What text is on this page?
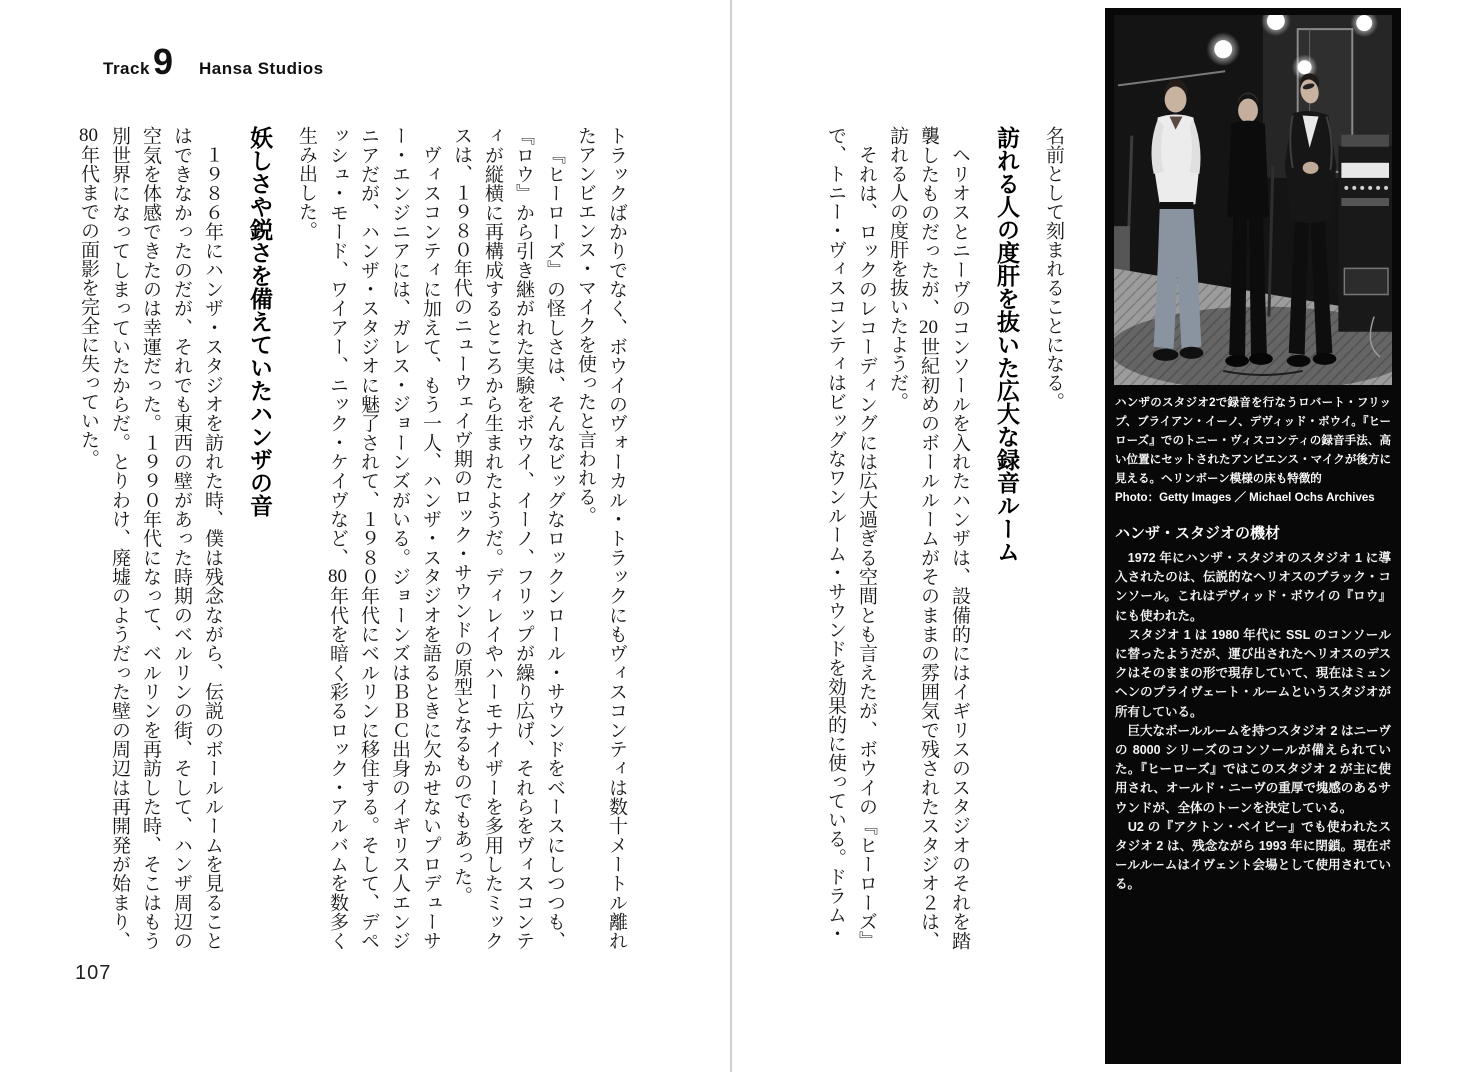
Track 9 Hansa Studios

トラックばかりでなく、ボウイのヴォーカル・トラックにもヴィスコンティは数十メートル離れたアンビエンス・マイクを使ったと言われる。

『ヒーローズ』の怪しさは、そんなビッグなロックンロール・サウンドをベースにしつつも、『ロウ』から引き継がれた実験をボウイ、イーノ、フリップが繰り広げ、それらをヴィスコンティが縦横に再構成するところから生まれたようだ。ディレイやハーモナイザーを多用したミックスは、１９８０年代のニューウェイヴ期のロック・サウンドの原型となるものでもあった。

ヴィスコンティに加えて、もう一人、ハンザ・スタジオを語るときに欠かせないプロデューサー・エンジニアには、ガレス・ジョーンズがいる。ジョーンズはＢＢＣ出身のイギリス人エンジニアだが、ハンザ・スタジオに魅了されて、１９８０年代にベルリンに移住する。そして、デペッシュ・モード、ワイアー、ニック・ケイヴなど、80年代を暗く彩るロック・アルバムを数多く生み出した。

妖しさや鋭さを備えていたハンザの音

１９８６年にハンザ・スタジオを訪れた時、僕は残念ながら、伝説のボールルームを見ることはできなかったのだが、それでも東西の壁があった時期のベルリンの街、そして、ハンザ周辺の空気を体感できたのは幸運だった。１９９０年代になって、ベルリンを再訪した時、そこはもう別世界になってしまっていたからだ。とりわけ、廃墟のようだった壁の周辺は再開発が始まり、80年代までの面影を完全に失っていた。

107

名前として刻まれることになる。

訪れる人の度肝を抜いた広大な録音ルーム

ヘリオスとニーヴのコンソールを入れたハンザは、設備的にはイギリスのスタジオのそれを踏襲したものだったが、20世紀初めのボールルームがそのままの雰囲気で残されたスタジオ２は、訪れる人の度肝を抜いたようだ。

それは、ロックのレコーディングには広大過ぎる空間とも言えたが、ボウイの『ヒーローズ』で、トニー・ヴィスコンティはビッグなワンルーム・サウンドを効果的に使っている。ドラム・	ハンザのスタジオ2で録音を行なうロバート・フリップ、ブライアン・イーノ、デヴィッド・ボウイ。『ヒーローズ』でのトニー・ヴィスコンティの録音手法、高い位置にセットされたアンビエンス・マイクが後方に見える。ヘリンボーン模様の床も特徴的

Photo：Getty Images ／ Michael Ochs Archives

ハンザ・スタジオの機材

　1972 年にハンザ・スタジオのスタジオ 1 に導入されたのは、伝説的なヘリオスのブラック・コンソール。これはデヴィッド・ボウイの『ロウ』にも使われた。

　スタジオ 1 は 1980 年代に SSL のコンソールに替ったようだが、運び出されたヘリオスのデスクはそのままの形で現存していて、現在はミュンヘンのプライヴェート・ルームというスタジオが所有している。

　巨大なボールルームを持つスタジオ 2 はニーヴの 8000 シリーズのコンソールが備えられていた。『ヒーローズ』ではこのスタジオ 2 が主に使用され、オールド・ニーヴの重厚で塊感のあるサウンドが、全体のトーンを決定している。

　U2 の『アクトン・ベイビー』でも使われたスタジオ 2 は、残念ながら 1993 年に閉鎖。現在ボールルームはイヴェント会場として使用されている。
